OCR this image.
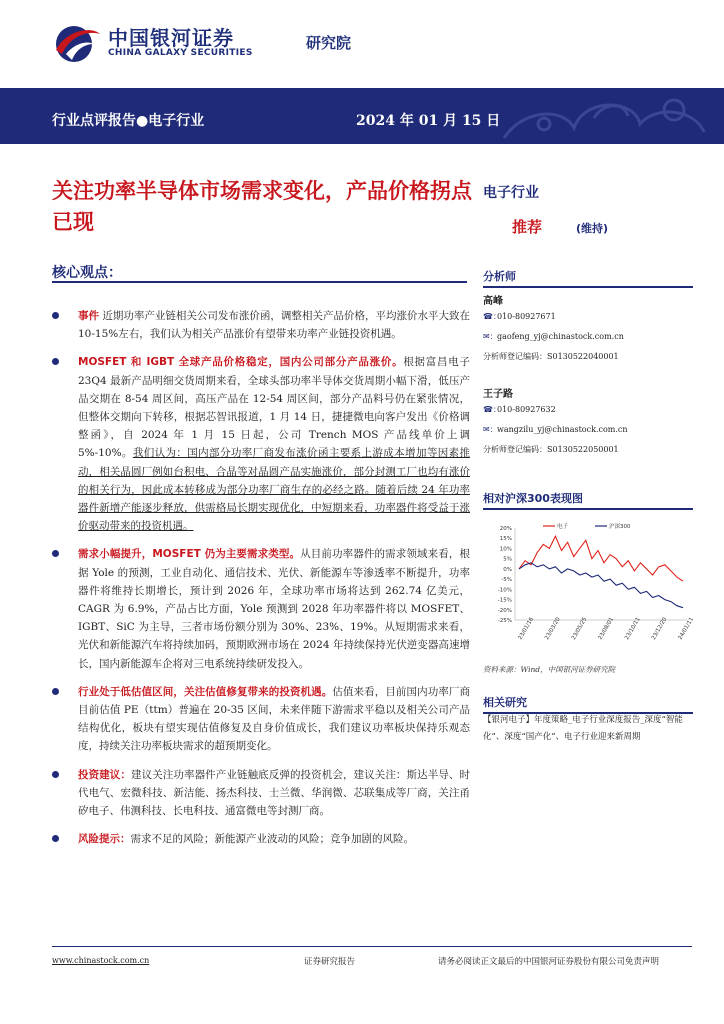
中国银河证券
CHINA GALAXY SECURITIES
研究院
行业点评报告●电子行业	2024 年 01 月 15 日
关注功率半导体市场需求变化，产品价格拐点已现
电子行业
推荐	(维持)
核心观点：
事件 近期功率产业链相关公司发布涨价函，调整相关产品价格，平均涨价水平大致在 10-15%左右，我们认为相关产品涨价有望带来功率产业链投资机遇。
MOSFET 和 IGBT 全球产品价格稳定，国内公司部分产品涨价。根据富昌电子 23Q4 最新产品明细交货周期来看，全球头部功率半导体交货周期小幅下滑，低压产品交期在 8-54 周区间，高压产品在 12-54 周区间，部分产品料号仍在紧张情况，但整体交期向下转移，根据芯智讯报道，1 月 14 日，捷捷微电向客户发出《价格调整函》，自 2024 年 1 月 15 日起，公司 Trench MOS 产品线单价上调 5%-10%。我们认为：国内部分功率厂商发布涨价函主要系上游成本增加等因素推动，相关晶圆厂例如台积电、合晶等对晶圆产品实施涨价，部分封测工厂也均有涨价的相关行为，因此成本转移成为部分功率厂商生存的必经之路。随着后续 24 年功率器件新增产能逐步释放，供需格局长期实现优化，中短期来看，功率器件将受益于涨价驱动带来的投资机遇。
需求小幅提升，MOSFET 仍为主要需求类型。从目前功率器件的需求领域来看，根据 Yole 的预测，工业自动化、通信技术、光伏、新能源车等渗透率不断提升，功率器件将维持长期增长，预计到 2026 年，全球功率市场将达到 262.74 亿美元，CAGR 为 6.9%，产品占比方面，Yole 预测到 2028 年功率器件将以 MOSFET、IGBT、SiC 为主导，三者市场份额分别为 30%、23%、19%。从短期需求来看，光伏和新能源汽车将持续加码，预期欧洲市场在 2024 年持续保持光伏逆变器高速增长，国内新能源车企将对三电系统持续研发投入。
行业处于低估值区间，关注估值修复带来的投资机遇。估值来看，目前国内功率厂商目前估值 PE（ttm）普遍在 20-35 区间，未来伴随下游需求平稳以及相关公司产品结构优化，板块有望实现估值修复及自身价值成长，我们建议功率板块保持乐观态度，持续关注功率板块需求的超预期变化。
投资建议：建议关注功率器件产业链触底反弹的投资机会，建议关注：斯达半导、时代电气、宏微科技、新洁能、扬杰科技、士兰微、华润微、芯联集成等厂商，关注甬矽电子、伟测科技、长电科技、通富微电等封测厂商。
风险提示：需求不足的风险；新能源产业波动的风险；竞争加剧的风险。
分析师
高峰
☎：010-80927671
✉：gaofeng_yj@chinastock.com.cn
分析师登记编码：S0130522040001
王子路
☎：010-80927632
✉：wangzilu_yj@chinastock.com.cn
分析师登记编码：S0130522050001
相对沪深300表现图
20%
15%
10%
5%
0%
-5%
-10%
-15%
-20%
-25% 23/01/16 23/03/20 23/05/25 23/08/01 23/10/11 23/12/20 24/01/11
电子	沪深300
资料来源：Wind，中国银河证券研究院
相关研究
【银河电子】年度策略_电子行业深度报告_深度“智能化”、深度“国产化”、电子行业迎来新周期
www.chinastock.com.cn	证券研究报告	请务必阅读正文最后的中国银河证券股份有限公司免责声明
